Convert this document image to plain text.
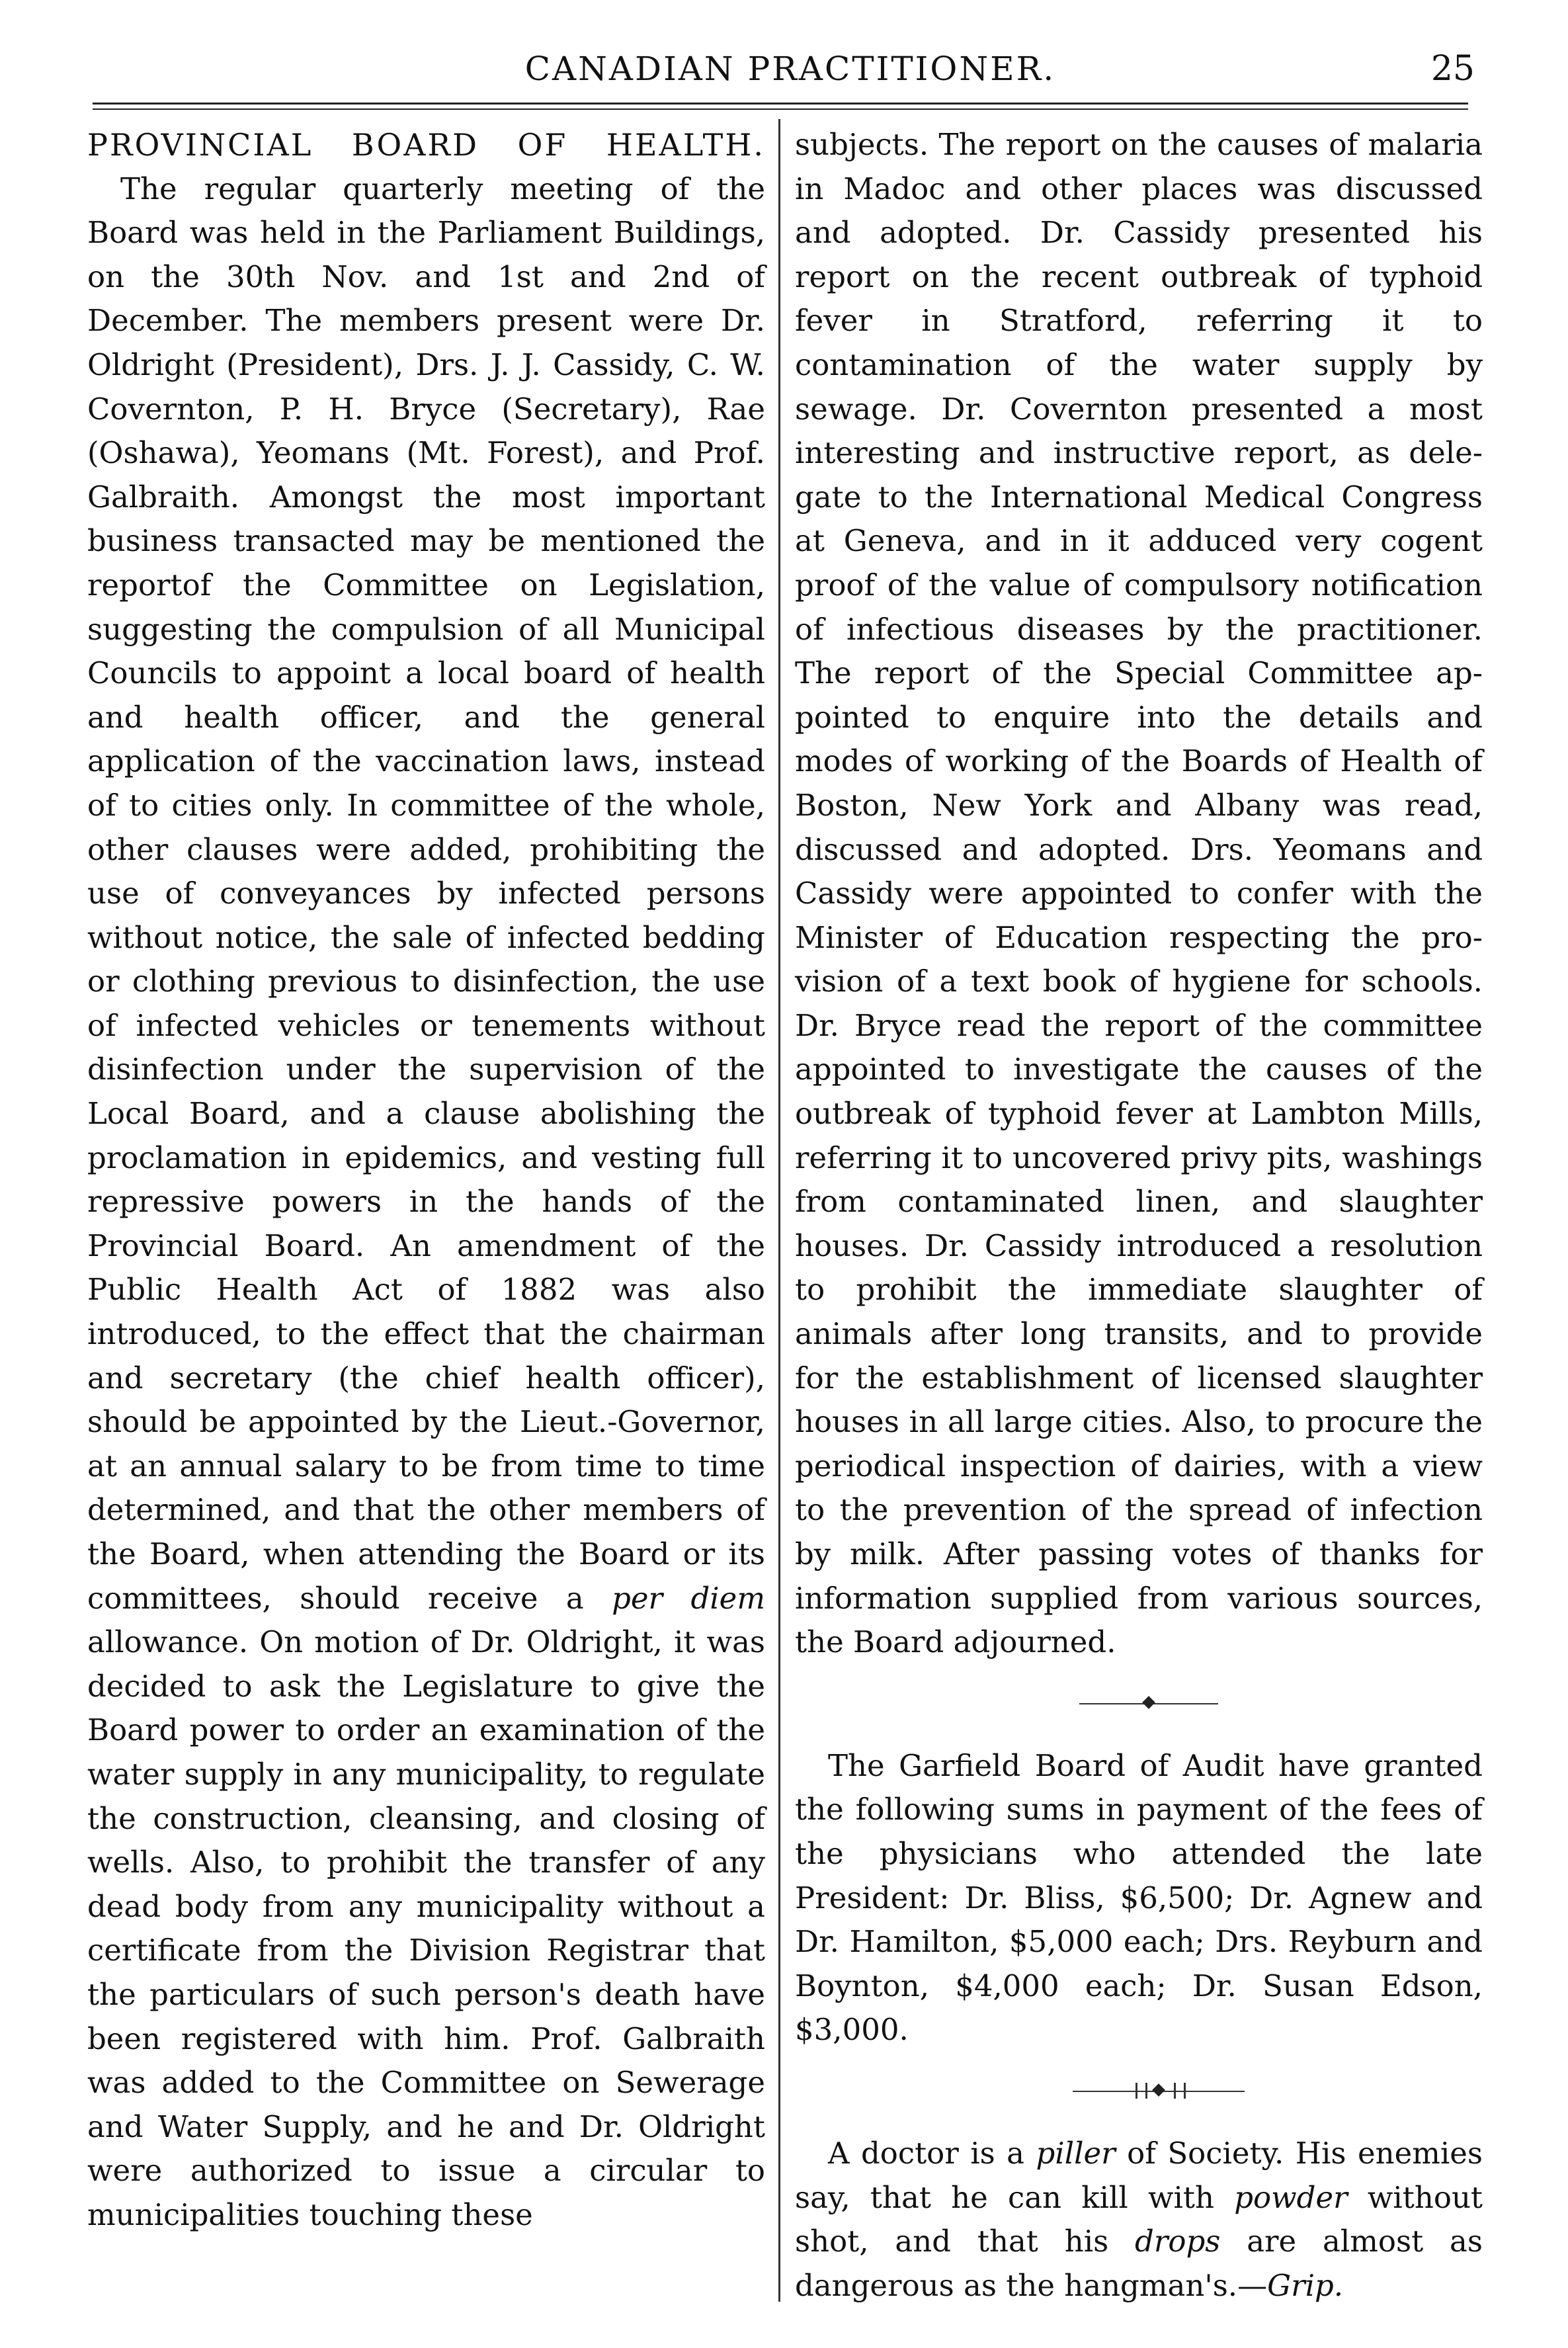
CANADIAN PRACTITIONER.	25
PROVINCIAL BOARD OF HEALTH.

The regular quarterly meeting of the Board was held in the Parliament Buildings, on the 30th Nov. and 1st and 2nd of December. The members present were Dr. Oldright (President), Drs. J. J. Cassidy, C. W. Covernton, P. H. Bryce (Secretary), Rae (Oshawa), Yeomans (Mt. Forest), and Prof. Galbraith. Amongst the most important business transacted may be mentioned the reportof the Committee on Legislation, suggesting the compulsion of all Municipal Councils to appoint a local board of health and health officer, and the general application of the vaccination laws, instead of to cities only. In committee of the whole, other clauses were added, prohibiting the use of conveyances by infected persons without notice, the sale of infected bedding or clothing previous to disinfection, the use of infected vehicles or tenements without disinfection under the supervision of the Local Board, and a clause abolishing the proclamation in epidemics, and vesting full repressive powers in the hands of the Provincial Board. An amendment of the Public Health Act of 1882 was also introduced, to the effect that the chairman and secretary (the chief health officer), should be appointed by the Lieut.-Governor, at an annual salary to be from time to time determined, and that the other members of the Board, when attending the Board or its committees, should receive a per diem allowance. On motion of Dr. Oldright, it was decided to ask the Legislature to give the Board power to order an examination of the water supply in any municipality, to regulate the construction, cleansing, and closing of wells. Also, to prohibit the transfer of any dead body from any municipality without a certificate from the Division Registrar that the particulars of such person's death have been registered with him. Prof. Galbraith was added to the Committee on Sewerage and Water Supply, and he and Dr. Oldright were authorized to issue a circular to municipalities touching these

subjects. The report on the causes of malaria in Madoc and other places was discussed and adopted. Dr. Cassidy presented his report on the recent outbreak of typhoid fever in Stratford, referring it to contamination of the water supply by sewage. Dr. Covernton presented a most interesting and instructive report, as delegate to the International Medical Congress at Geneva, and in it adduced very cogent proof of the value of compulsory notification of infectious diseases by the practitioner. The report of the Special Committee appointed to enquire into the details and modes of working of the Boards of Health of Boston, New York and Albany was read, discussed and adopted. Drs. Yeomans and Cassidy were appointed to confer with the Minister of Education respecting the provision of a text book of hygiene for schools. Dr. Bryce read the report of the committee appointed to investigate the causes of the outbreak of typhoid fever at Lambton Mills, referring it to uncovered privy pits, washings from contaminated linen, and slaughter houses. Dr. Cassidy introduced a resolution to prohibit the immediate slaughter of animals after long transits, and to provide for the establishment of licensed slaughter houses in all large cities. Also, to procure the periodical inspection of dairies, with a view to the prevention of the spread of infection by milk. After passing votes of thanks for information supplied from various sources, the Board adjourned.

The Garfield Board of Audit have granted the following sums in payment of the fees of the physicians who attended the late President: Dr. Bliss, $6,500; Dr. Agnew and Dr. Hamilton, $5,000 each; Drs. Reyburn and Boynton, $4,000 each; Dr. Susan Edson, $3,000.

A doctor is a piller of Society. His enemies say, that he can kill with powder without shot, and that his drops are almost as dangerous as the hangman's.—Grip.
